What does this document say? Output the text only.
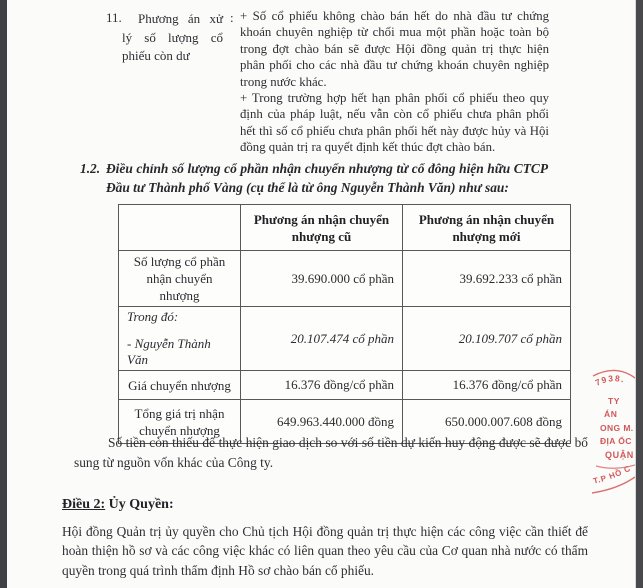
11.	Phương án xử lý số lượng cổ phiếu còn dư
: + Số cổ phiếu không chào bán hết do nhà đầu tư chứng khoán chuyên nghiệp từ chối mua một phần hoặc toàn bộ trong đợt chào bán sẽ được Hội đồng quản trị thực hiện phân phối cho các nhà đầu tư chứng khoán chuyên nghiệp trong nước khác.

+ Trong trường hợp hết hạn phân phối cổ phiếu theo quy định của pháp luật, nếu vẫn còn cổ phiếu chưa phân phối hết thì số cổ phiếu chưa phân phối hết này được hủy và Hội đồng quản trị ra quyết định kết thúc đợt chào bán.

1.2. Điều chỉnh số lượng cổ phần nhận chuyển nhượng từ cổ đông hiện hữu CTCP Đầu tư Thành phố Vàng (cụ thể là từ ông Nguyễn Thành Văn) như sau:
	Phương án nhận chuyển nhượng cũ	Phương án nhận chuyển nhượng mới
Số lượng cổ phần nhận chuyển nhượng	39.690.000 cổ phần	39.692.233 cổ phần

Trong đó:
- Nguyễn Thành Văn	20.107.474 cổ phần	20.109.707 cổ phần
Giá chuyển nhượng	16.376 đồng/cổ phần	16.376 đồng/cổ phần
Tổng giá trị nhận chuyển nhượng	649.963.440.000 đồng	650.000.007.608 đồng
Số tiền còn thiếu để thực hiện giao dịch so với số tiền dự kiến huy động được sẽ được bổ sung từ nguồn vốn khác của Công ty.
Điều 2: Ủy Quyền:
Hội đồng Quản trị ủy quyền cho Chủ tịch Hội đồng quản trị thực hiện các công việc cần thiết để hoàn thiện hồ sơ và các công việc khác có liên quan theo yêu cầu của Cơ quan nhà nước có thẩm quyền trong quá trình thẩm định Hồ sơ chào bán cổ phiếu.
7938.
TY
ÁN
ONG M.
ĐỊA ỐC
QUẬN
T.P HỒ C
